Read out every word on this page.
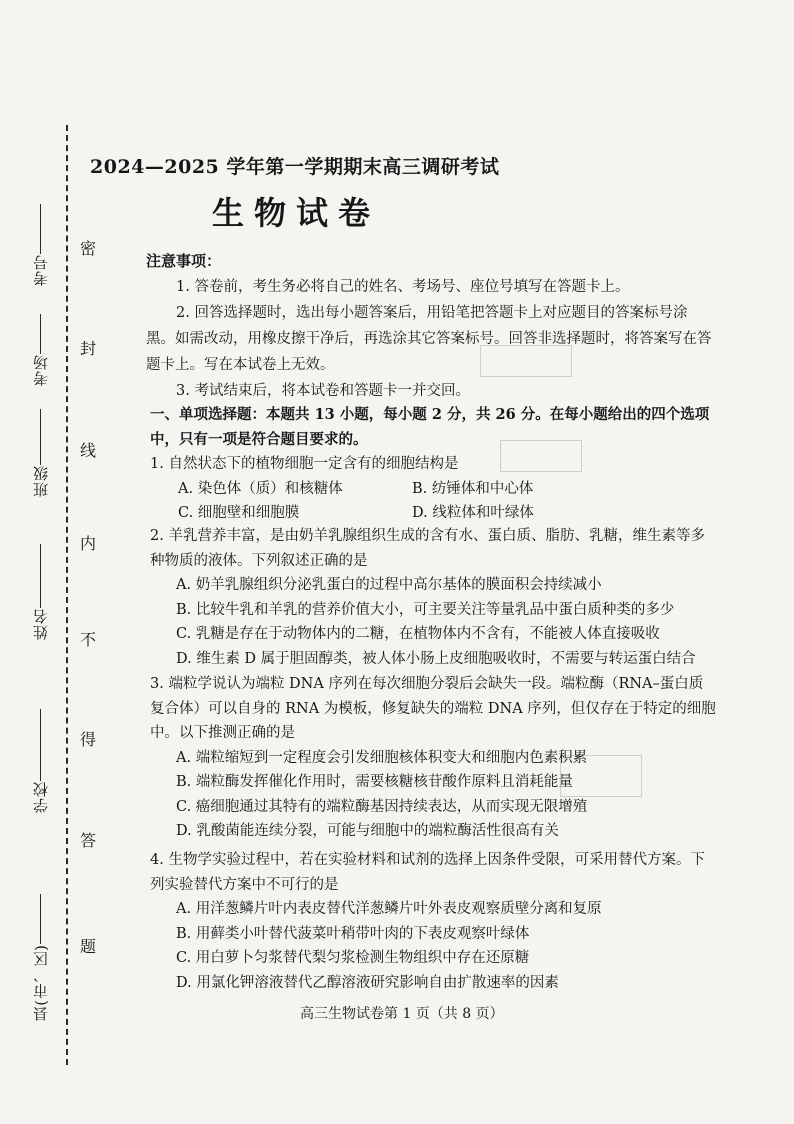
密
封
线
内
不
得
答
题
考号
考场
班级
姓名
学校
县(市、区)
2024—2025 学年第一学期期末高三调研考试
生物试卷
注意事项：

1. 答卷前，考生务必将自己的姓名、考场号、座位号填写在答题卡上。

2. 回答选择题时，选出每小题答案后，用铅笔把答题卡上对应题目的答案标号涂黑。如需改动，用橡皮擦干净后，再选涂其它答案标号。回答非选择题时，将答案写在答题卡上。写在本试卷上无效。

3. 考试结束后，将本试卷和答题卡一并交回。

一、单项选择题：本题共 13 小题，每小题 2 分，共 26 分。在每小题给出的四个选项中，只有一项是符合题目要求的。

1. 自然状态下的植物细胞一定含有的细胞结构是

A. 染色体（质）和核糖体	B. 纺锤体和中心体
C. 细胞壁和细胞膜	D. 线粒体和叶绿体

2. 羊乳营养丰富，是由奶羊乳腺组织生成的含有水、蛋白质、脂肪、乳糖，维生素等多种物质的液体。下列叙述正确的是

A. 奶羊乳腺组织分泌乳蛋白的过程中高尔基体的膜面积会持续减小
B. 比较牛乳和羊乳的营养价值大小，可主要关注等量乳品中蛋白质种类的多少
C. 乳糖是存在于动物体内的二糖，在植物体内不含有，不能被人体直接吸收
D. 维生素 D 属于胆固醇类，被人体小肠上皮细胞吸收时，不需要与转运蛋白结合

3. 端粒学说认为端粒 DNA 序列在每次细胞分裂后会缺失一段。端粒酶（RNA–蛋白质复合体）可以自身的 RNA 为模板，修复缺失的端粒 DNA 序列，但仅存在于特定的细胞中。以下推测正确的是

A. 端粒缩短到一定程度会引发细胞核体积变大和细胞内色素积累
B. 端粒酶发挥催化作用时，需要核糖核苷酸作原料且消耗能量
C. 癌细胞通过其特有的端粒酶基因持续表达，从而实现无限增殖
D. 乳酸菌能连续分裂，可能与细胞中的端粒酶活性很高有关

4. 生物学实验过程中，若在实验材料和试剂的选择上因条件受限，可采用替代方案。下列实验替代方案中不可行的是

A. 用洋葱鳞片叶内表皮替代洋葱鳞片叶外表皮观察质壁分离和复原
B. 用藓类小叶替代菠菜叶稍带叶肉的下表皮观察叶绿体
C. 用白萝卜匀浆替代梨匀浆检测生物组织中存在还原糖
D. 用氯化钾溶液替代乙醇溶液研究影响自由扩散速率的因素
高三生物试卷第 1 页（共 8 页）
